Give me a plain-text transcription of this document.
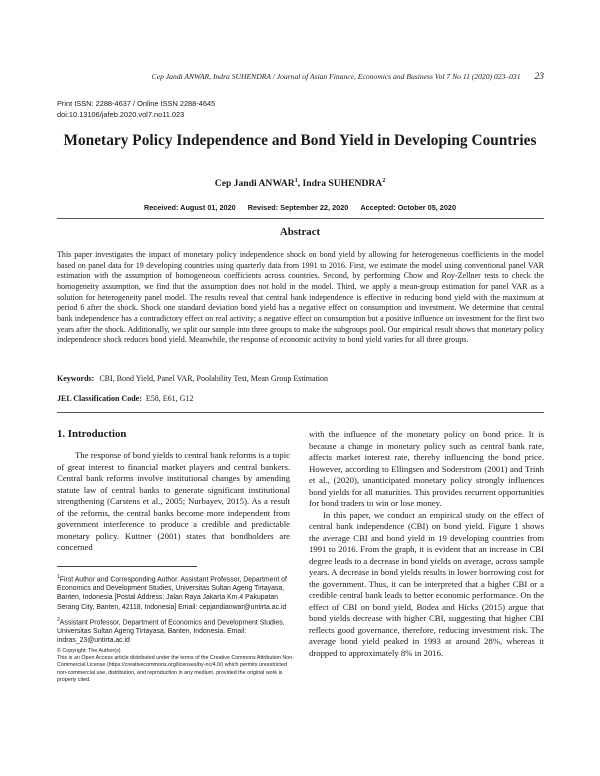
Cep Jandi ANWAR, Indra SUHENDRA / Journal of Asian Finance, Economics and Business Vol 7 No 11 (2020) 023–031 23
Print ISSN: 2288-4637 / Online ISSN 2288-4645
doi:10.13106/jafeb.2020.vol7.no11.023
Monetary Policy Independence and Bond Yield in Developing Countries
Cep Jandi ANWAR$^1$, Indra SUHENDRA$^2$
Received: August 01, 2020 Revised: September 22, 2020 Accepted: October 05, 2020
Abstract
This paper investigates the impact of monetary policy independence shock on bond yield by allowing for heterogeneous coefficients in the model based on panel data for 19 developing countries using quarterly data from 1991 to 2016. First, we estimate the model using conventional panel VAR estimation with the assumption of homogeneous coefficients across countries. Second, by performing Chow and Roy-Zellner tests to check the homogeneity assumption, we find that the assumption does not hold in the model. Third, we apply a mean-group estimation for panel VAR as a solution for heterogeneity panel model. The results reveal that central bank independence is effective in reducing bond yield with the maximum at period 6 after the shock. Shock one standard deviation bond yield has a negative effect on consumption and investment. We determine that central bank independence has a contradictory effect on real activity; a negative effect on consumption but a positive influence on investment for the first two years after the shock. Additionally, we split our sample into three groups to make the subgroups pool. Our empirical result shows that monetary policy independence shock reduces bond yield. Meanwhile, the response of economic activity to bond yield varies for all three groups.
Keywords: CBI, Bond Yield, Panel VAR, Poolability Test, Mean Group Estimation
JEL Classification Code: E58, E61, G12
1. Introduction

The response of bond yields to central bank reforms is a topic of great interest to financial market players and central bankers. Central bank reforms involve institutional changes by amending statute law of central banks to generate significant institutional strengthening (Carstens et al., 2005; Nurbayev, 2015). As a result of the reforms, the central banks become more independent from government interference to produce a credible and predictable monetary policy. Kuttner (2001) states that bondholders are concerned

with the influence of the monetary policy on bond price. It is because a change in monetary policy such as central bank rate, affects market interest rate, thereby influencing the bond price. However, according to Ellingsen and Soderstrom (2001) and Trinh et al., (2020), unanticipated monetary policy strongly influences bond yields for all maturities. This provides recurrent opportunities for bond traders to win or lose money.

In this paper, we conduct an empirical study on the effect of central bank independence (CBI) on bond yield. Figure 1 shows the average CBI and bond yield in 19 developing countries from 1991 to 2016. From the graph, it is evident that an increase in CBI degree leads to a decrease in bond yields on average, across sample years. A decrease in bond yields results in lower borrowing cost for the government. Thus, it can be interpreted that a higher CBI or a credible central bank leads to better economic performance. On the effect of CBI on bond yield, Bodea and Hicks (2015) argue that bond yields decrease with higher CBI, suggesting that higher CBI reflects good governance, therefore, reducing investment risk. The average bond yield peaked in 1993 at around 28%, whereas it dropped to approximately 8% in 2016.

$^1$First Author and Corresponding Author. Assistant Professor, Department of Economics and Development Studies, Universitas Sultan Ageng Tirtayasa, Banten, Indonesia [Postal Address: Jalan Raya Jakarta Km.4 Pakupatan Serang City, Banten, 42118, Indonesia] Email: cepjandianwar@untirta.ac.id
$^2$Assistant Professor, Department of Economics and Development Studies, Universitas Sultan Ageng Tirtayasa, Banten, Indonesia. Email: indras_23@untirta.ac.id
© Copyright: The Author(s)
This is an Open Access article distributed under the terms of the Creative Commons Attribution Non-Commercial License (https://creativecommons.org/licenses/by-nc/4.0/) which permits unrestricted non-commercial use, distribution, and reproduction in any medium, provided the original work is properly cited.
